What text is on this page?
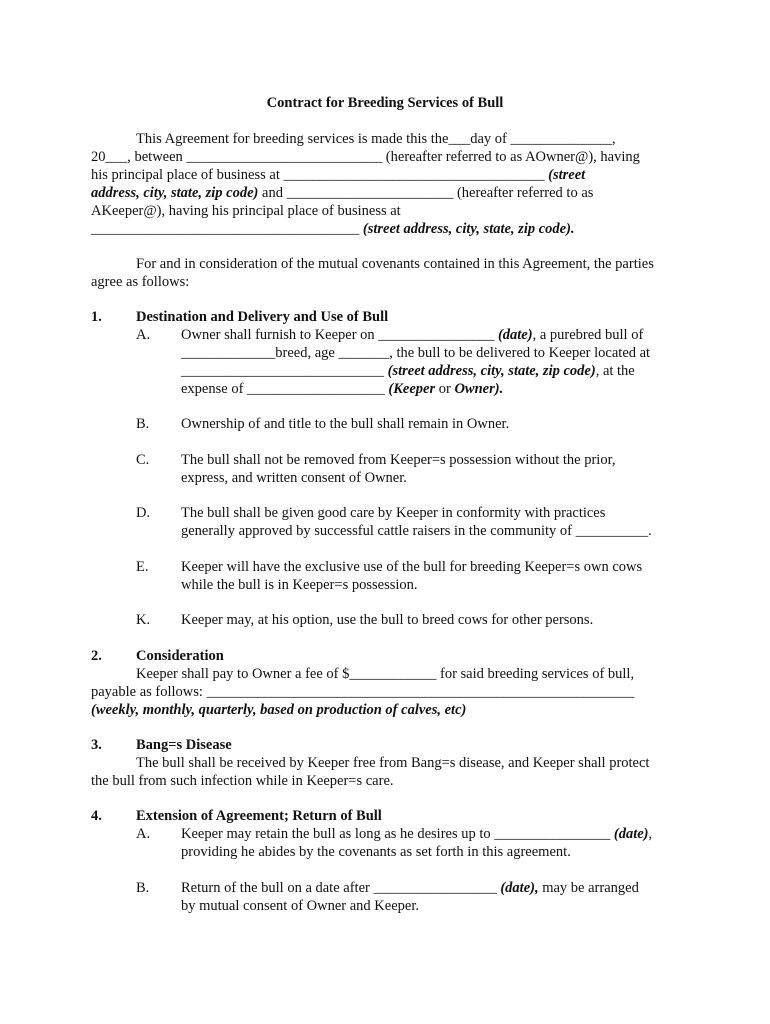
Contract for Breeding Services of Bull
This Agreement for breeding services is made this the___day of ______________,
20___, between ___________________________ (hereafter referred to as AOwner@), having
his principal place of business at ____________________________________ (street
address, city, state, zip code) and _______________________ (hereafter referred to as
AKeeper@), having his principal place of business at
_____________________________________ (street address, city, state, zip code).
For and in consideration of the mutual covenants contained in this Agreement, the parties
agree as follows:
1. Destination and Delivery and Use of Bull
A. Owner shall furnish to Keeper on ________________ (date), a purebred bull of
_____________breed, age _______, the bull to be delivered to Keeper located at
____________________________ (street address, city, state, zip code), at the
expense of ___________________ (Keeper or Owner).
B. Ownership of and title to the bull shall remain in Owner.
C. The bull shall not be removed from Keeper=s possession without the prior,
express, and written consent of Owner.
D. The bull shall be given good care by Keeper in conformity with practices
generally approved by successful cattle raisers in the community of __________.
E. Keeper will have the exclusive use of the bull for breeding Keeper=s own cows
while the bull is in Keeper=s possession.
K. Keeper may, at his option, use the bull to breed cows for other persons.
2. Consideration
Keeper shall pay to Owner a fee of $____________ for said breeding services of bull,
payable as follows: ___________________________________________________________
(weekly, monthly, quarterly, based on production of calves, etc)
3. Bang=s Disease
The bull shall be received by Keeper free from Bang=s disease, and Keeper shall protect
the bull from such infection while in Keeper=s care.
4. Extension of Agreement; Return of Bull
A. Keeper may retain the bull as long as he desires up to ________________ (date),
providing he abides by the covenants as set forth in this agreement.
B. Return of the bull on a date after _________________ (date), may be arranged
by mutual consent of Owner and Keeper.
